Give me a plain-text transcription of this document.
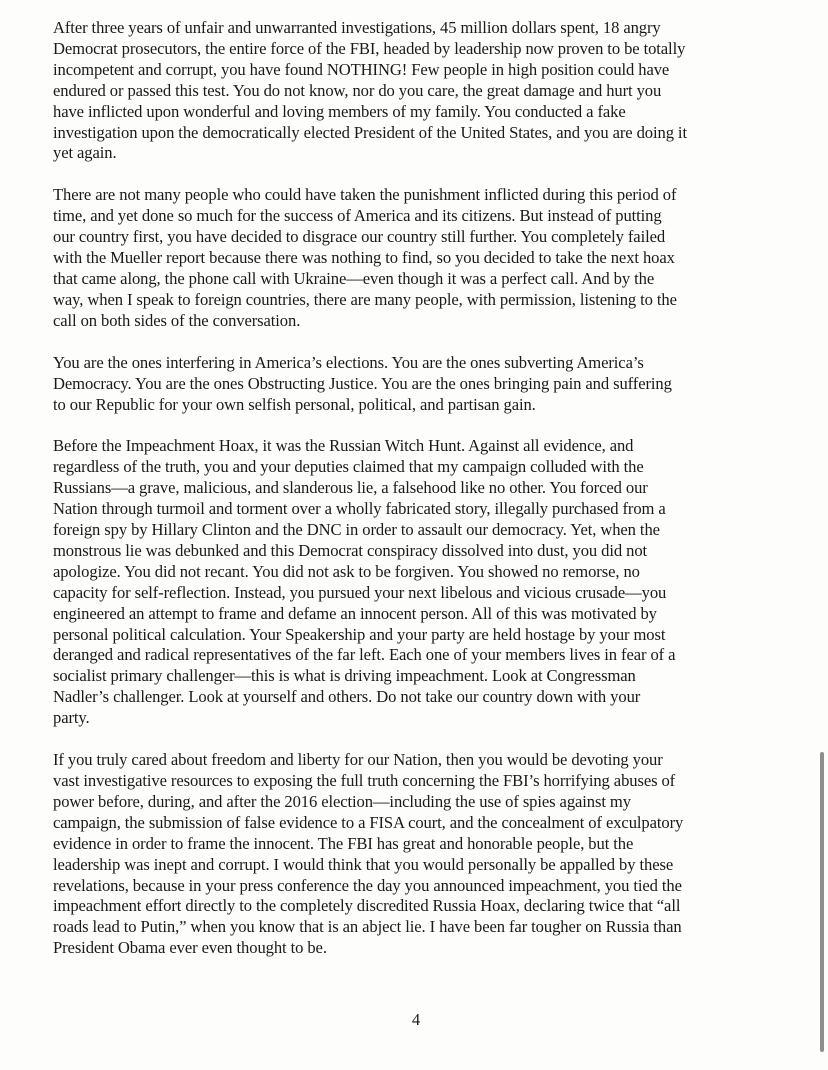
After three years of unfair and unwarranted investigations, 45 million dollars spent, 18 angry
Democrat prosecutors, the entire force of the FBI, headed by leadership now proven to be totally
incompetent and corrupt, you have found NOTHING! Few people in high position could have
endured or passed this test. You do not know, nor do you care, the great damage and hurt you
have inflicted upon wonderful and loving members of my family. You conducted a fake
investigation upon the democratically elected President of the United States, and you are doing it
yet again.

There are not many people who could have taken the punishment inflicted during this period of
time, and yet done so much for the success of America and its citizens. But instead of putting
our country first, you have decided to disgrace our country still further. You completely failed
with the Mueller report because there was nothing to find, so you decided to take the next hoax
that came along, the phone call with Ukraine—even though it was a perfect call. And by the
way, when I speak to foreign countries, there are many people, with permission, listening to the
call on both sides of the conversation.

You are the ones interfering in America’s elections. You are the ones subverting America’s
Democracy. You are the ones Obstructing Justice. You are the ones bringing pain and suffering
to our Republic for your own selfish personal, political, and partisan gain.

Before the Impeachment Hoax, it was the Russian Witch Hunt. Against all evidence, and
regardless of the truth, you and your deputies claimed that my campaign colluded with the
Russians—a grave, malicious, and slanderous lie, a falsehood like no other. You forced our
Nation through turmoil and torment over a wholly fabricated story, illegally purchased from a
foreign spy by Hillary Clinton and the DNC in order to assault our democracy. Yet, when the
monstrous lie was debunked and this Democrat conspiracy dissolved into dust, you did not
apologize. You did not recant. You did not ask to be forgiven. You showed no remorse, no
capacity for self-reflection. Instead, you pursued your next libelous and vicious crusade—you
engineered an attempt to frame and defame an innocent person. All of this was motivated by
personal political calculation. Your Speakership and your party are held hostage by your most
deranged and radical representatives of the far left. Each one of your members lives in fear of a
socialist primary challenger—this is what is driving impeachment. Look at Congressman
Nadler’s challenger. Look at yourself and others. Do not take our country down with your
party.

If you truly cared about freedom and liberty for our Nation, then you would be devoting your
vast investigative resources to exposing the full truth concerning the FBI’s horrifying abuses of
power before, during, and after the 2016 election—including the use of spies against my
campaign, the submission of false evidence to a FISA court, and the concealment of exculpatory
evidence in order to frame the innocent. The FBI has great and honorable people, but the
leadership was inept and corrupt. I would think that you would personally be appalled by these
revelations, because in your press conference the day you announced impeachment, you tied the
impeachment effort directly to the completely discredited Russia Hoax, declaring twice that “all
roads lead to Putin,” when you know that is an abject lie. I have been far tougher on Russia than
President Obama ever even thought to be.

4
